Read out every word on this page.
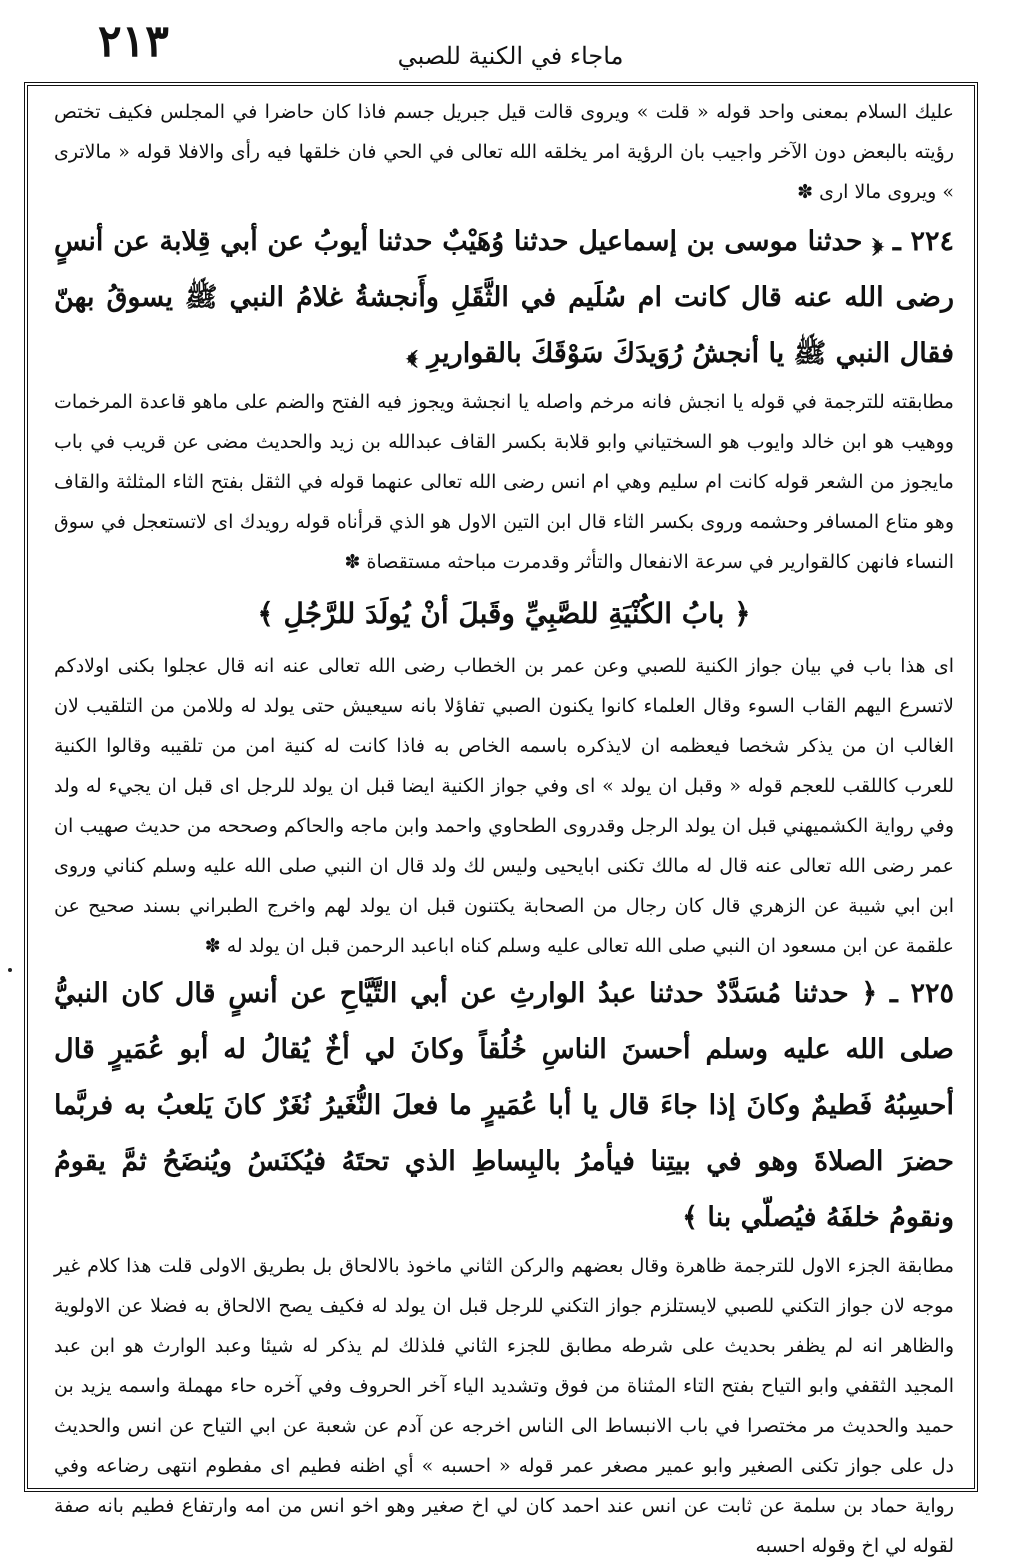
٢١٣	ماجاء في الكنية للصبي

عليك السلام بمعنى واحد قوله « قلت » ويروى قالت قيل جبريل جسم فاذا كان حاضرا في المجلس فكيف تختص رؤيته بالبعض دون الآخر واجيب بان الرؤية امر يخلقه الله تعالى في الحي فان خلقها فيه رأى والافلا قوله « مالاترى » ويروى مالا ارى ✽

٢٢٤ ـ ﴿ حدثنا موسى بن إسماعيل حدثنا وُهَيْبٌ حدثنا أيوبُ عن أبي قِلابة عن أنسٍ رضى الله عنه قال كانت ام سُلَيم في الثَّقَلِ وأَنجشةُ غلامُ النبي ﷺ يسوقُ بهنّ فقال النبي ﷺ يا أنجشُ رُوَيدَكَ سَوْقَكَ بالقواريرِ ﴾

مطابقته للترجمة في قوله يا انجش فانه مرخم واصله يا انجشة ويجوز فيه الفتح والضم على ماهو قاعدة المرخمات ووهيب هو ابن خالد وايوب هو السختياني وابو قلابة بكسر القاف عبدالله بن زيد والحديث مضى عن قريب في باب مايجوز من الشعر قوله كانت ام سليم وهي ام انس رضى الله تعالى عنهما قوله في الثقل بفتح الثاء المثلثة والقاف وهو متاع المسافر وحشمه وروى بكسر الثاء قال ابن التين الاول هو الذي قرأناه قوله رويدك اى لاتستعجل في سوق النساء فانهن كالقوارير في سرعة الانفعال والتأثر وقدمرت مباحثه مستقصاة ✽

﴿ بابُ الكُنْيَةِ للصَّبِيِّ وقَبلَ أنْ يُولَدَ للرَّجُلِ ﴾

اى هذا باب في بيان جواز الكنية للصبي وعن عمر بن الخطاب رضى الله تعالى عنه انه قال عجلوا بكنى اولادكم لاتسرع اليهم القاب السوء وقال العلماء كانوا يكنون الصبي تفاؤلا بانه سيعيش حتى يولد له وللامن من التلقيب لان الغالب ان من يذكر شخصا فيعظمه ان لايذكره باسمه الخاص به فاذا كانت له كنية امن من تلقيبه وقالوا الكنية للعرب كاللقب للعجم قوله « وقبل ان يولد » اى وفي جواز الكنية ايضا قبل ان يولد للرجل اى قبل ان يجيء له ولد وفي رواية الكشميهني قبل ان يولد الرجل وقدروى الطحاوي واحمد وابن ماجه والحاكم وصححه من حديث صهيب ان عمر رضى الله تعالى عنه قال له مالك تكنى ابايحيى وليس لك ولد قال ان النبي صلى الله عليه وسلم كناني وروى ابن ابي شيبة عن الزهري قال كان رجال من الصحابة يكتنون قبل ان يولد لهم واخرج الطبراني بسند صحيح عن علقمة عن ابن مسعود ان النبي صلى الله تعالى عليه وسلم كناه اباعبد الرحمن قبل ان يولد له ✽

٢٢٥ ـ ﴿ حدثنا مُسَدَّدٌ حدثنا عبدُ الوارثِ عن أبي التَّيَّاحِ عن أنسٍ قال كان النبيُّ صلى الله عليه وسلم أحسنَ الناسِ خُلُقاً وكانَ لي أخٌ يُقالُ له أبو عُمَيرٍ قال أحسِبُهُ فَطيمٌ وكانَ إذا جاءَ قال يا أبا عُمَيرٍ ما فعلَ النُّغَيرُ نُغَرٌ كانَ يَلعبُ به فربَّما حضرَ الصلاةَ وهو في بيتِنا فيأمرُ بالبِساطِ الذي تحتَهُ فيُكنَسُ ويُنضَحُ ثمَّ يقومُ ونقومُ خلفَهُ فيُصلّي بنا ﴾

مطابقة الجزء الاول للترجمة ظاهرة وقال بعضهم والركن الثاني ماخوذ بالالحاق بل بطريق الاولى قلت هذا كلام غير موجه لان جواز التكني للصبي لايستلزم جواز التكني للرجل قبل ان يولد له فكيف يصح الالحاق به فضلا عن الاولوية والظاهر انه لم يظفر بحديث على شرطه مطابق للجزء الثاني فلذلك لم يذكر له شيئا وعبد الوارث هو ابن عبد المجيد الثقفي وابو التياح بفتح التاء المثناة من فوق وتشديد الياء آخر الحروف وفي آخره حاء مهملة واسمه يزيد بن حميد والحديث مر مختصرا في باب الانبساط الى الناس اخرجه عن آدم عن شعبة عن ابي التياح عن انس والحديث دل على جواز تكنى الصغير وابو عمير مصغر عمر قوله « احسبه » أي اظنه فطيم اى مفطوم انتهى رضاعه وفي رواية حماد بن سلمة عن ثابت عن انس عند احمد كان لي اخ صغير وهو اخو انس من امه وارتفاع فطيم بانه صفة لقوله لي اخ وقوله احسبه
